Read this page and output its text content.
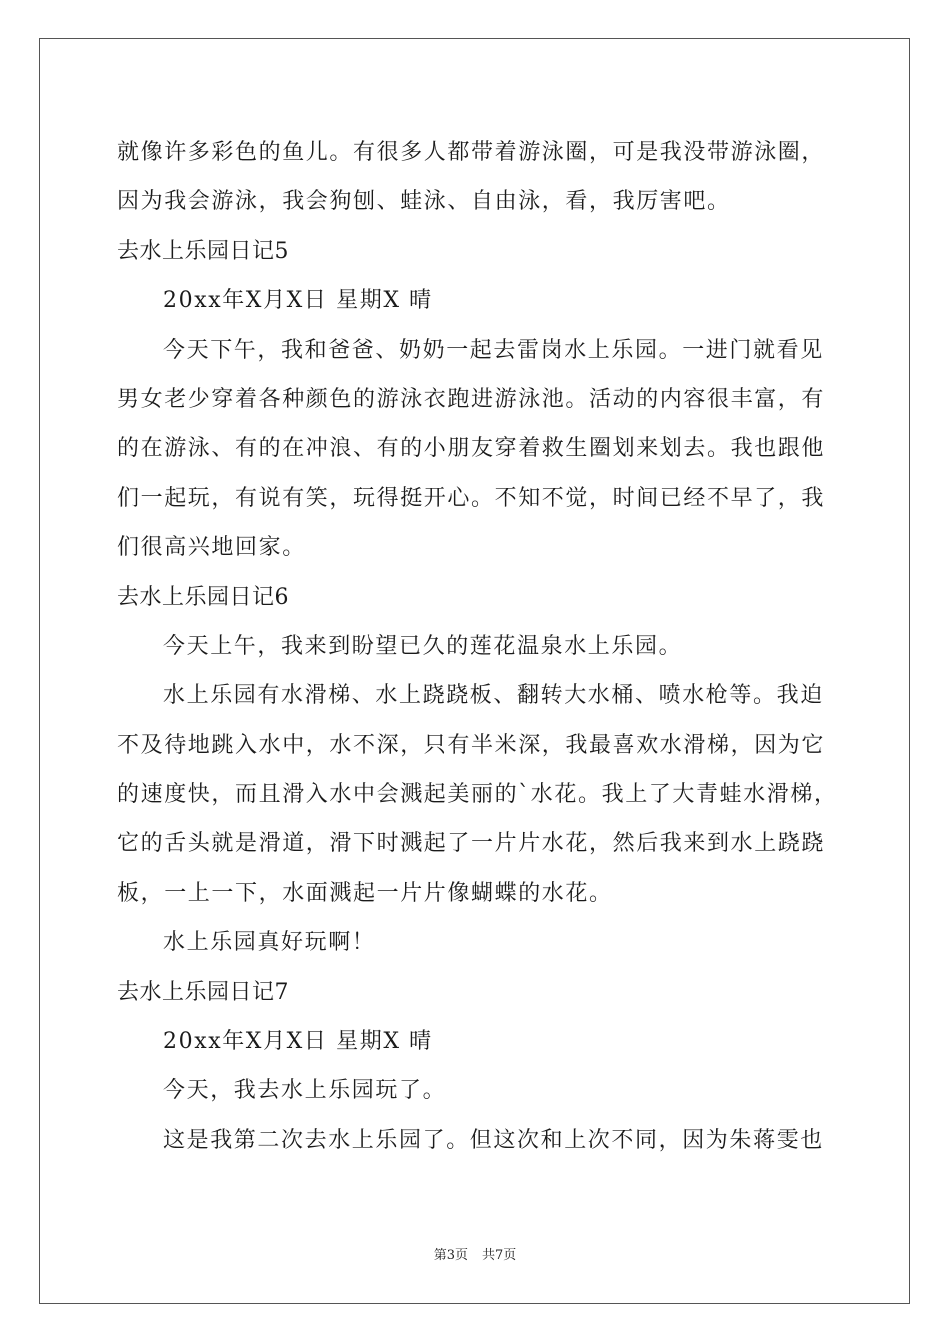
就像许多彩色的鱼儿。有很多人都带着游泳圈，可是我没带游泳圈，
因为我会游泳，我会狗刨、蛙泳、自由泳，看，我厉害吧。
去水上乐园日记5
20xx年X月X日 星期X 晴
今天下午，我和爸爸、奶奶一起去雷岗水上乐园。一进门就看见
男女老少穿着各种颜色的游泳衣跑进游泳池。活动的内容很丰富，有
的在游泳、有的在冲浪、有的小朋友穿着救生圈划来划去。我也跟他
们一起玩，有说有笑，玩得挺开心。不知不觉，时间已经不早了，我
们很高兴地回家。
去水上乐园日记6
今天上午，我来到盼望已久的莲花温泉水上乐园。
水上乐园有水滑梯、水上跷跷板、翻转大水桶、喷水枪等。我迫
不及待地跳入水中，水不深，只有半米深，我最喜欢水滑梯，因为它
的速度快，而且滑入水中会溅起美丽的`水花。我上了大青蛙水滑梯，
它的舌头就是滑道，滑下时溅起了一片片水花，然后我来到水上跷跷
板，一上一下，水面溅起一片片像蝴蝶的水花。
水上乐园真好玩啊！
去水上乐园日记7
20xx年X月X日 星期X 晴
今天，我去水上乐园玩了。
这是我第二次去水上乐园了。但这次和上次不同，因为朱蒋雯也
第3页 共7页
